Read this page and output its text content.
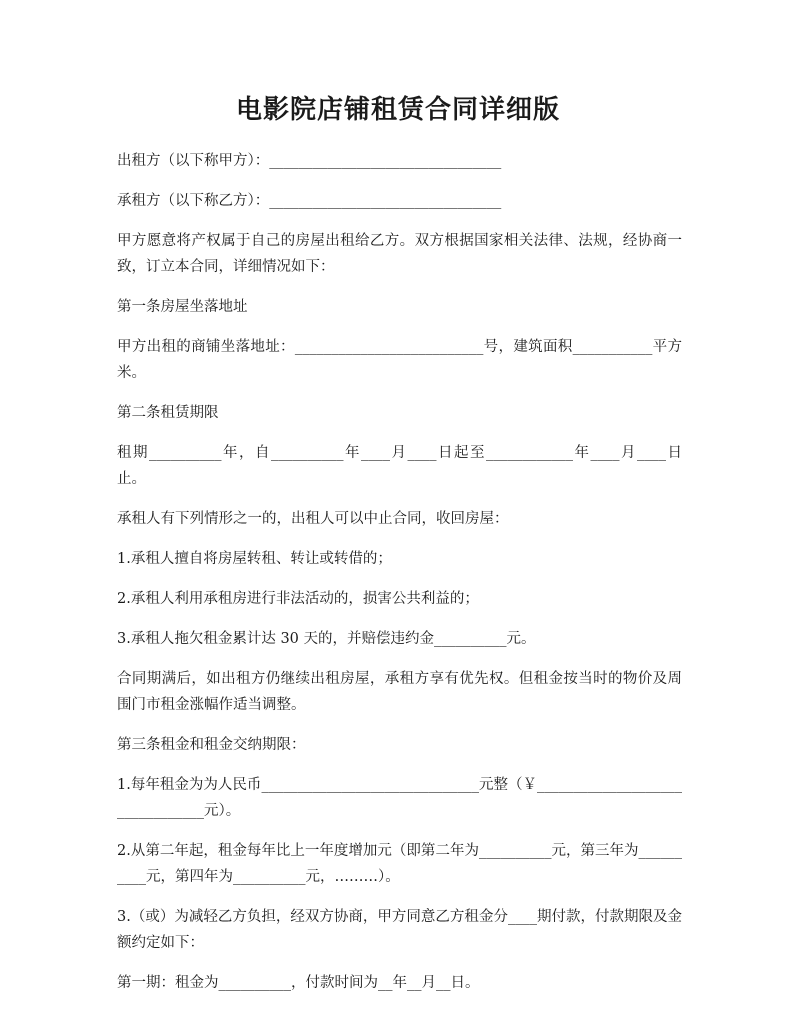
电影院店铺租赁合同详细版

出租方（以下称甲方）：________________________________

承租方（以下称乙方）：________________________________

甲方愿意将产权属于自己的房屋出租给乙方。双方根据国家相关法律、法规，经协商一致，订立本合同，详细情况如下：

第一条房屋坐落地址

甲方出租的商铺坐落地址：__________________________号，建筑面积___________平方米。

第二条租赁期限

租期__________年，自__________年____月____日起至____________年____月____日止。

承租人有下列情形之一的，出租人可以中止合同，收回房屋：

1.承租人擅自将房屋转租、转让或转借的；

2.承租人利用承租房进行非法活动的，损害公共利益的；

3.承租人拖欠租金累计达 30 天的，并赔偿违约金__________元。

合同期满后，如出租方仍继续出租房屋，承租方享有优先权。但租金按当时的物价及周围门市租金涨幅作适当调整。

第三条租金和租金交纳期限：

1.每年租金为为人民币______________________________元整（￥________________________________元）。

2.从第二年起，租金每年比上一年度增加元（即第二年为__________元，第三年为__________元，第四年为__________元，………）。

3.（或）为减轻乙方负担，经双方协商，甲方同意乙方租金分____期付款，付款期限及金额约定如下：

第一期：租金为__________，付款时间为__年__月__日。
